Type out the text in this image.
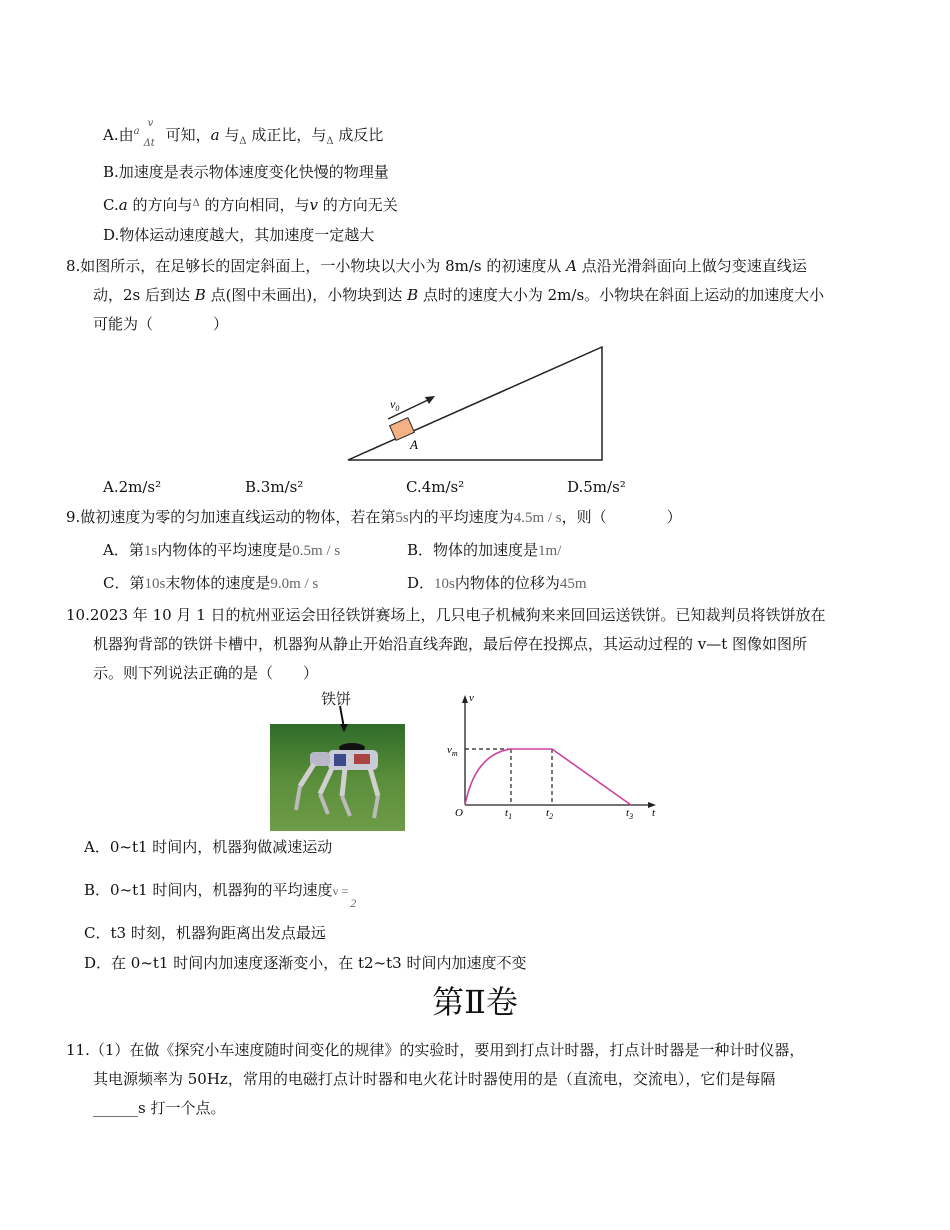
A.由$^a$
v
Δt 可知，a 与$_\Delta$ 成正比，与$_\Delta$ 成反比
B.加速度是表示物体速度变化快慢的物理量
C.a 的方向与$^\Delta$ 的方向相同，与v 的方向无关
D.物体运动速度越大，其加速度一定越大
8.如图所示，在足够长的固定斜面上，一小物块以大小为 8m/s 的初速度从 A 点沿光滑斜面向上做匀变速直线运
动，2s 后到达 B 点(图中未画出)，小物块到达 B 点时的速度大小为 2m/s。小物块在斜面上运动的加速度大小
可能为（　　　　）
$v_0$
A
A.2m/s²	B.3m/s²	C.4m/s²	D.5m/s²
9.做初速度为零的匀加速直线运动的物体，若在第5s内的平均速度为4.5m / s，则（　　　　）
A．第1s内物体的平均速度是0.5m / s	B．物体的加速度是1m/
C．第10s末物体的速度是9.0m / s	D．10s内物体的位移为45m
10.2023 年 10 月 1 日的杭州亚运会田径铁饼赛场上，几只电子机械狗来来回回运送铁饼。已知裁判员将铁饼放在
机器狗背部的铁饼卡槽中，机器狗从静止开始沿直线奔跑，最后停在投掷点，其运动过程的 v—t 图像如图所
示。则下列说法正确的是（　　）
铁饼	v
t
O
$v_m$
$t_1$	$t_2$	$t_3$
A．0~t1 时间内，机器狗做减速运动
B．0~t1 时间内，机器狗的平均速度$v =_2$
C．t3 时刻，机器狗距离出发点最远
D．在 0~t1 时间内加速度逐渐变小，在 t2~t3 时间内加速度不变
第Ⅱ卷
11.（1）在做《探究小车速度随时间变化的规律》的实验时，要用到打点计时器，打点计时器是一种计时仪器，
其电源频率为 50Hz，常用的电磁打点计时器和电火花计时器使用的是（直流电，交流电），它们是每隔
______s 打一个点。
